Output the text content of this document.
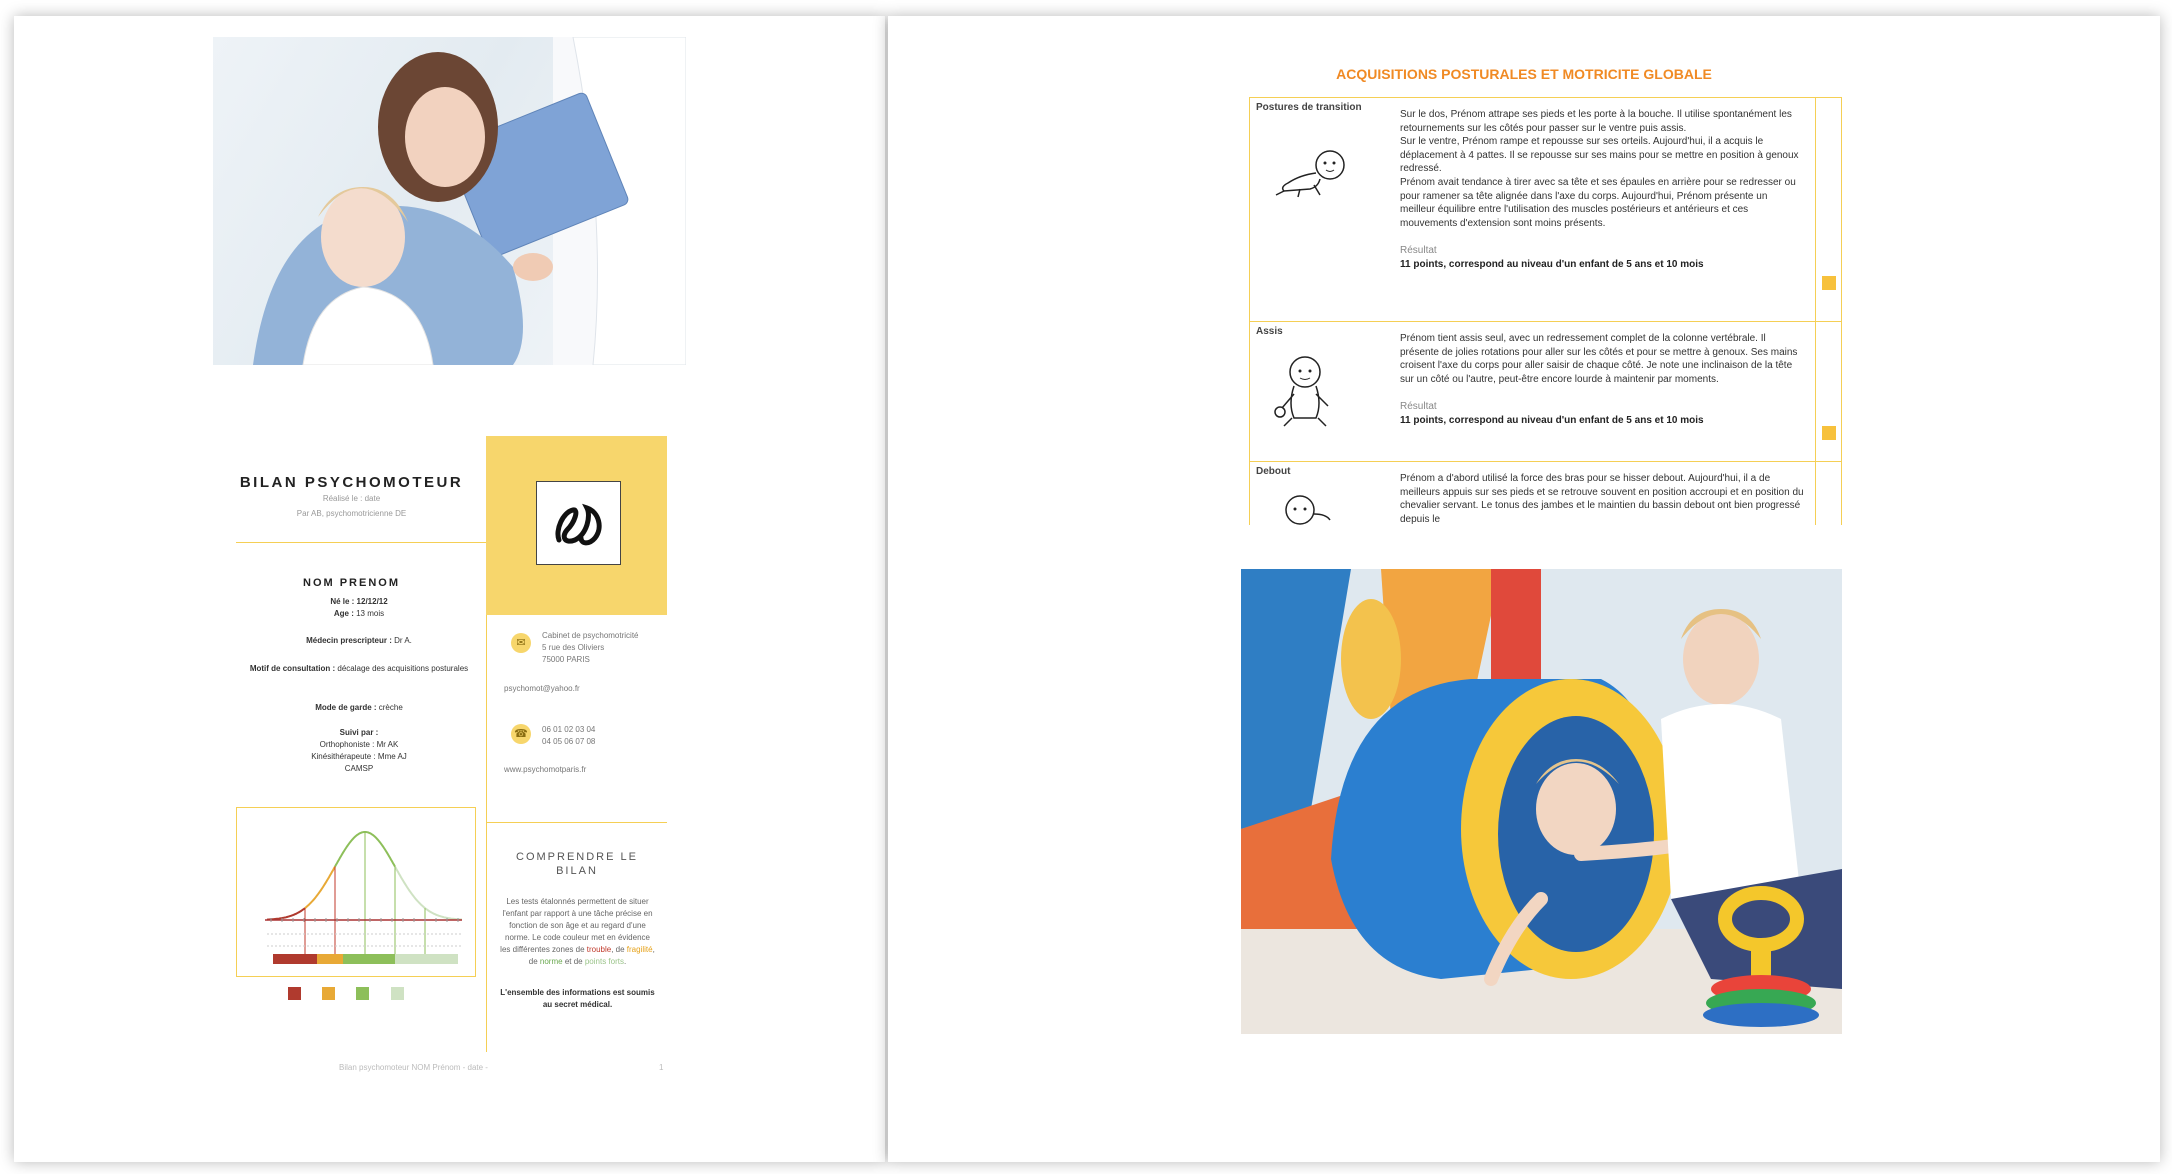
BILAN PSYCHOMOTEUR
Réalisé le : date
Par AB, psychomotricienne DE
NOM PRENOM
Né le : 12/12/12
Age : 13 mois
Médecin prescripteur : Dr A.
Motif de consultation : décalage des acquisitions posturales
Mode de garde : crèche
Suivi par :
Orthophoniste : Mr AK
Kinésithérapeute : Mme AJ
CAMSP
✉
Cabinet de psychomotricité
5 rue des Oliviers
75000 PARIS
psychomot@yahoo.fr
☎	06 01 02 03 04
04 05 06 07 08
www.psychomotparis.fr
COMPRENDRE LE BILAN
Les tests étalonnés permettent de situer l'enfant par rapport à une tâche précise en fonction de son âge et au regard d'une norme. Le code couleur met en évidence les différentes zones de trouble, de fragilité, de norme et de points forts.
L'ensemble des informations est soumis au secret médical.
Bilan psychomoteur NOM Prénom - date -	1
ACQUISITIONS POSTURALES ET MOTRICITE GLOBALE
Postures de transition

Sur le dos, Prénom attrape ses pieds et les porte à la bouche. Il utilise spontanément les retournements sur les côtés pour passer sur le ventre puis assis.

Sur le ventre, Prénom rampe et repousse sur ses orteils. Aujourd'hui, il a acquis le déplacement à 4 pattes. Il se repousse sur ses mains pour se mettre en position à genoux redressé.

Prénom avait tendance à tirer avec sa tête et ses épaules en arrière pour se redresser ou pour ramener sa tête alignée dans l'axe du corps. Aujourd'hui, Prénom présente un meilleur équilibre entre l'utilisation des muscles postérieurs et antérieurs et ces mouvements d'extension sont moins présents.

Résultat
11 points, correspond au niveau d'un enfant de 5 ans et 10 mois
Assis

Prénom tient assis seul, avec un redressement complet de la colonne vertébrale. Il présente de jolies rotations pour aller sur les côtés et pour se mettre à genoux. Ses mains croisent l'axe du corps pour aller saisir de chaque côté. Je note une inclinaison de la tête sur un côté ou l'autre, peut-être encore lourde à maintenir par moments.

Résultat
11 points, correspond au niveau d'un enfant de 5 ans et 10 mois
Debout

Prénom a d'abord utilisé la force des bras pour se hisser debout. Aujourd'hui, il a de meilleurs appuis sur ses pieds et se retrouve souvent en position accroupi et en position du chevalier servant. Le tonus des jambes et le maintien du bassin debout ont bien progressé depuis le
